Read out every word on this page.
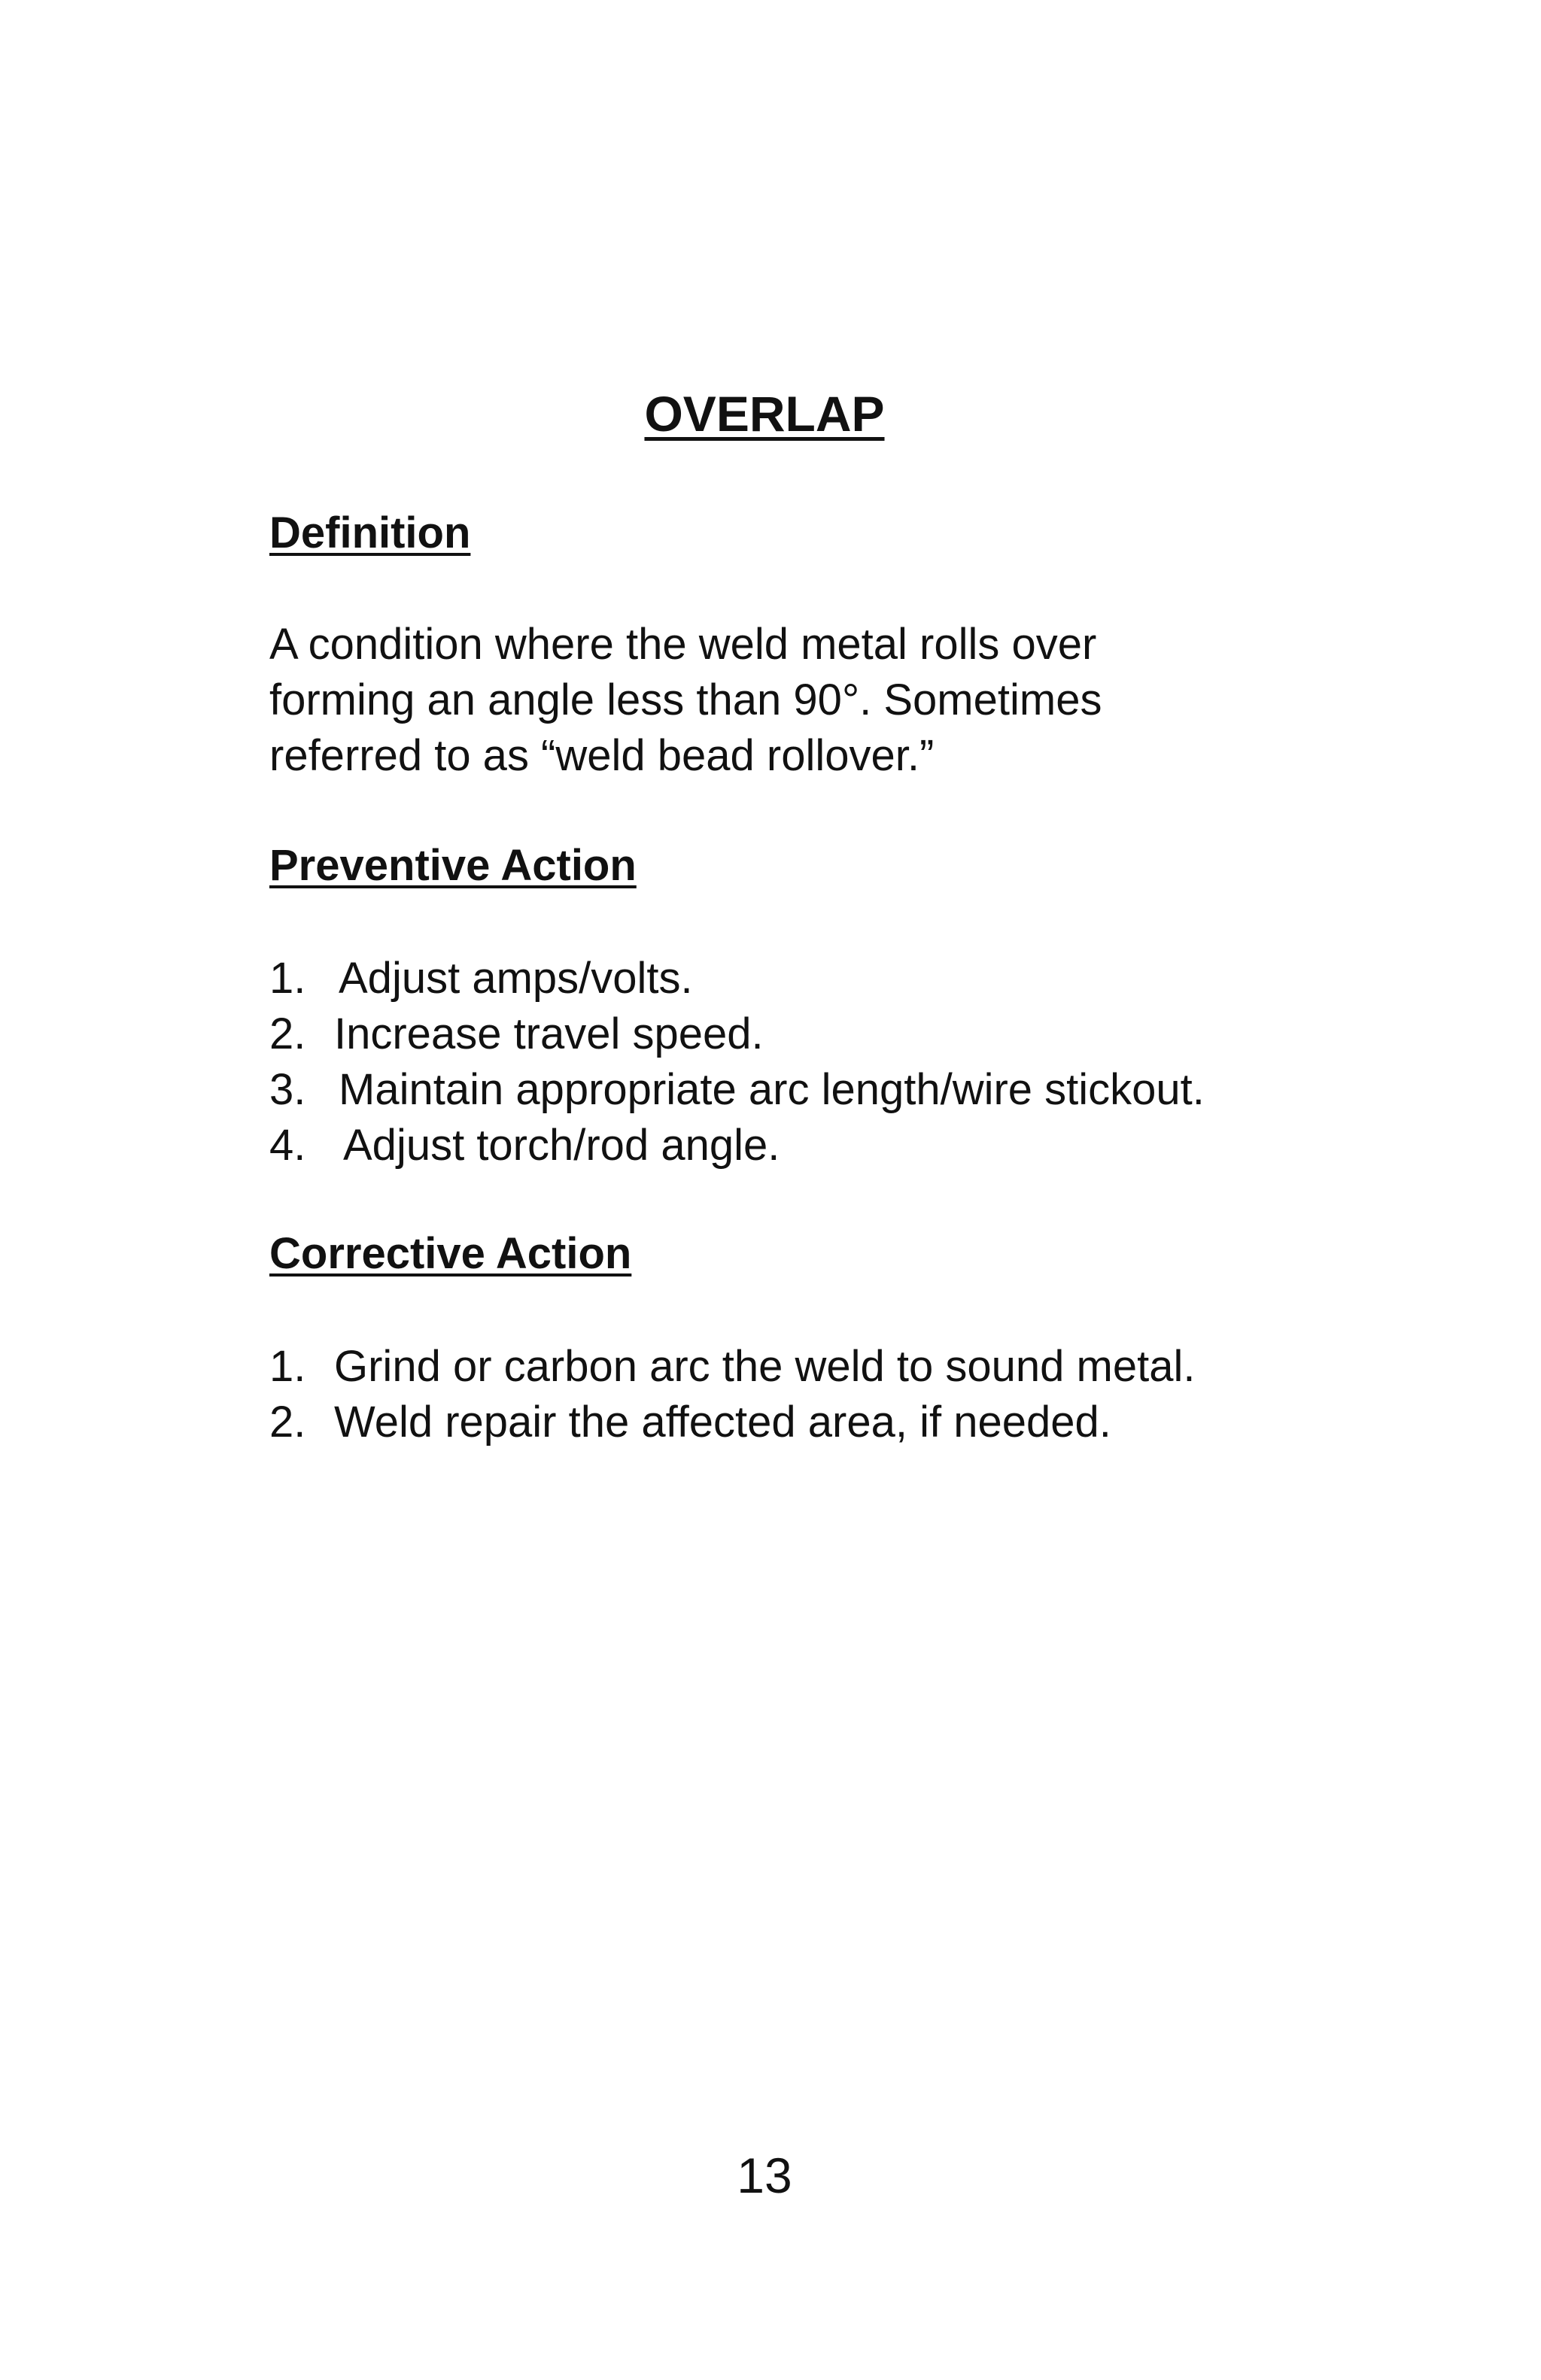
OVERLAP
Definition
A condition where the weld metal rolls over
forming an angle less than 90°. Sometimes
referred to as “weld bead rollover.”
Preventive Action
1. Adjust amps/volts.
2. Increase travel speed.
3. Maintain appropriate arc length/wire stickout.
4. Adjust torch/rod angle.
Corrective Action
1. Grind or carbon arc the weld to sound metal.
2. Weld repair the affected area, if needed.
13
